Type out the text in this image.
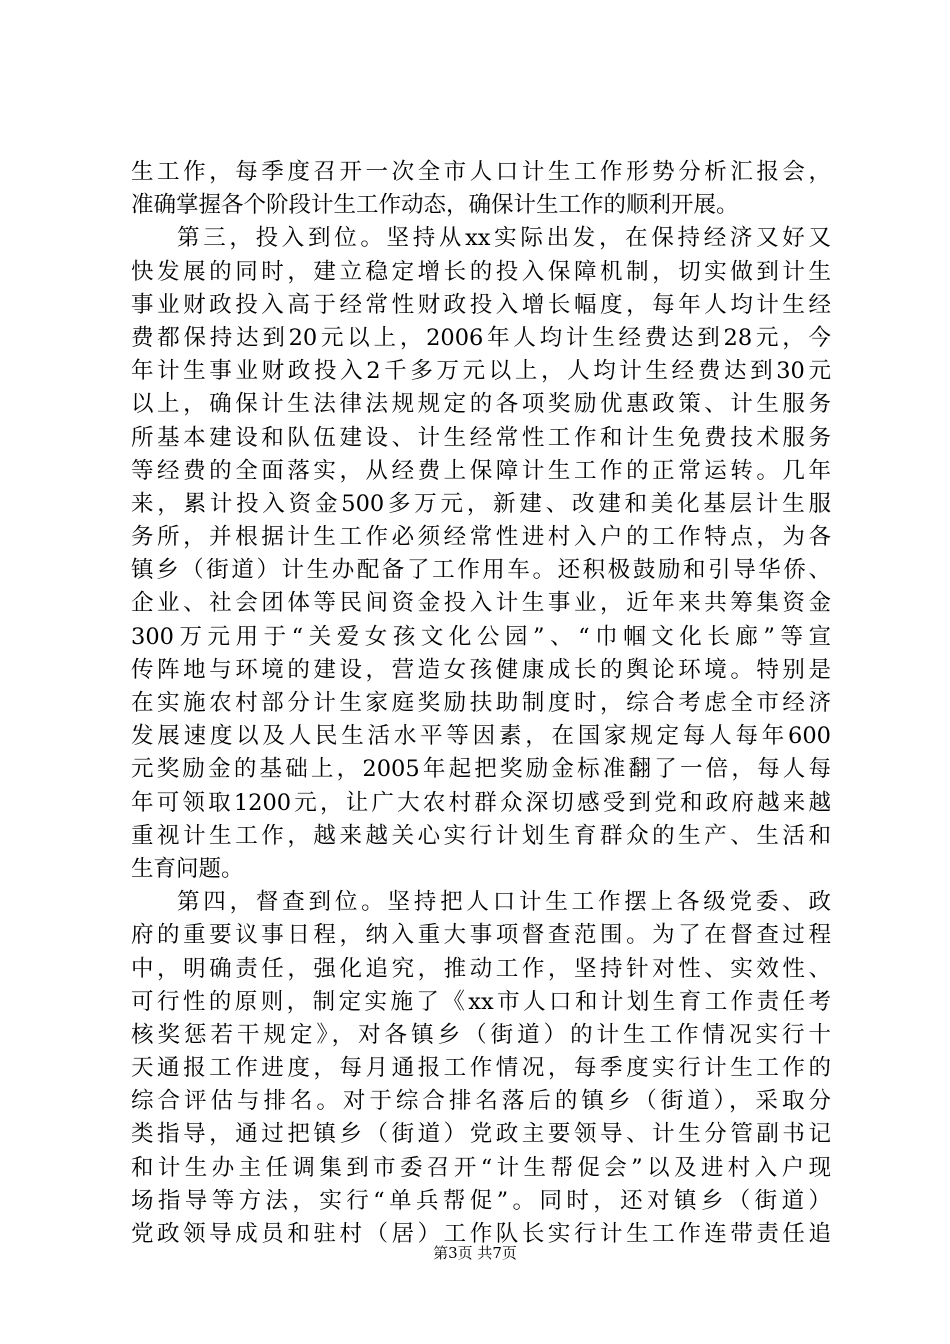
生工作，每季度召开一次全市人口计生工作形势分析汇报会，
准确掌握各个阶段计生工作动态，确保计生工作的顺利开展。
第三，投入到位。坚持从xx实际出发，在保持经济又好又
快发展的同时，建立稳定增长的投入保障机制，切实做到计生
事业财政投入高于经常性财政投入增长幅度，每年人均计生经
费都保持达到20元以上，2006年人均计生经费达到28元，今
年计生事业财政投入2千多万元以上，人均计生经费达到30元
以上，确保计生法律法规规定的各项奖励优惠政策、计生服务
所基本建设和队伍建设、计生经常性工作和计生免费技术服务
等经费的全面落实，从经费上保障计生工作的正常运转。几年
来，累计投入资金500多万元，新建、改建和美化基层计生服
务所，并根据计生工作必须经常性进村入户的工作特点，为各
镇乡（街道）计生办配备了工作用车。还积极鼓励和引导华侨、
企业、社会团体等民间资金投入计生事业，近年来共筹集资金
300万元用于“关爱女孩文化公园”、“巾帼文化长廊”等宣
传阵地与环境的建设，营造女孩健康成长的舆论环境。特别是
在实施农村部分计生家庭奖励扶助制度时，综合考虑全市经济
发展速度以及人民生活水平等因素，在国家规定每人每年600
元奖励金的基础上，2005年起把奖励金标准翻了一倍，每人每
年可领取1200元，让广大农村群众深切感受到党和政府越来越
重视计生工作，越来越关心实行计划生育群众的生产、生活和
生育问题。
第四，督查到位。坚持把人口计生工作摆上各级党委、政
府的重要议事日程，纳入重大事项督查范围。为了在督查过程
中，明确责任，强化追究，推动工作，坚持针对性、实效性、
可行性的原则，制定实施了《xx市人口和计划生育工作责任考
核奖惩若干规定》，对各镇乡（街道）的计生工作情况实行十
天通报工作进度，每月通报工作情况，每季度实行计生工作的
综合评估与排名。对于综合排名落后的镇乡（街道），采取分
类指导，通过把镇乡（街道）党政主要领导、计生分管副书记
和计生办主任调集到市委召开“计生帮促会”以及进村入户现
场指导等方法，实行“单兵帮促”。同时，还对镇乡（街道）
党政领导成员和驻村（居）工作队长实行计生工作连带责任追
第3页 共7页
